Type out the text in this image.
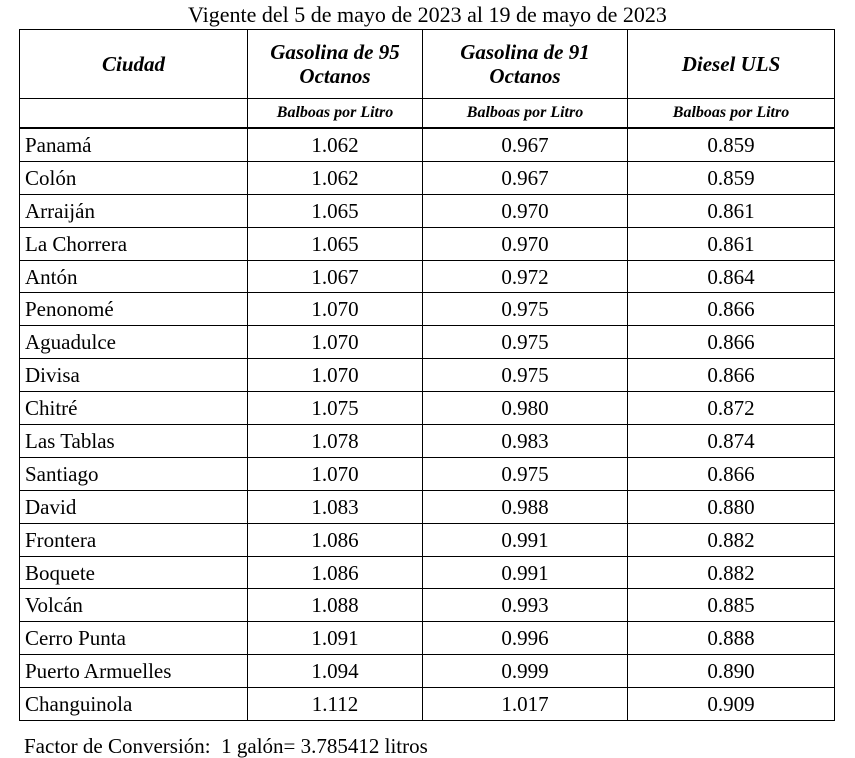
Vigente del 5 de mayo de 2023 al 19 de mayo de 2023
Ciudad	Gasolina de 95 Octanos	Gasolina de 91 Octanos	Diesel ULS
	Balboas por Litro	Balboas por Litro	Balboas por Litro
Panamá	1.062	0.967	0.859
Colón	1.062	0.967	0.859
Arraiján	1.065	0.970	0.861
La Chorrera	1.065	0.970	0.861
Antón	1.067	0.972	0.864
Penonomé	1.070	0.975	0.866
Aguadulce	1.070	0.975	0.866
Divisa	1.070	0.975	0.866
Chitré	1.075	0.980	0.872
Las Tablas	1.078	0.983	0.874
Santiago	1.070	0.975	0.866
David	1.083	0.988	0.880
Frontera	1.086	0.991	0.882
Boquete	1.086	0.991	0.882
Volcán	1.088	0.993	0.885
Cerro Punta	1.091	0.996	0.888
Puerto Armuelles	1.094	0.999	0.890
Changuinola	1.112	1.017	0.909
Factor de Conversión:  1 galón= 3.785412 litros
